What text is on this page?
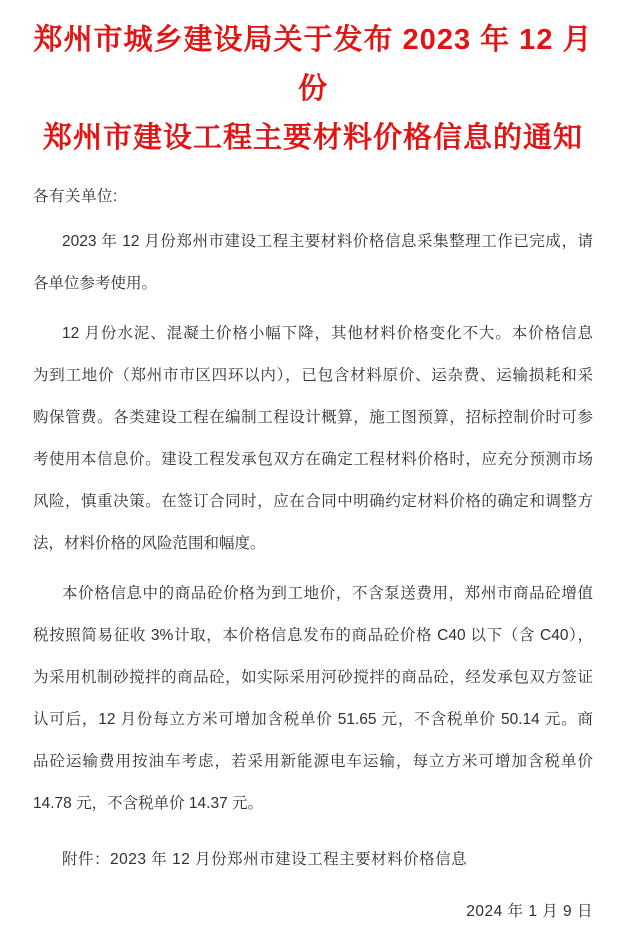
郑州市城乡建设局关于发布 2023 年 12 月份
郑州市建设工程主要材料价格信息的通知
各有关单位:
2023 年 12 月份郑州市建设工程主要材料价格信息采集整理工作已完成，请
各单位参考使用。
12 月份水泥、混凝土价格小幅下降，其他材料价格变化不大。本价格信息
为到工地价（郑州市市区四环以内），已包含材料原价、运杂费、运输损耗和采
购保管费。各类建设工程在编制工程设计概算，施工图预算，招标控制价时可参
考使用本信息价。建设工程发承包双方在确定工程材料价格时，应充分预测市场
风险，慎重决策。在签订合同时，应在合同中明确约定材料价格的确定和调整方
法，材料价格的风险范围和幅度。
本价格信息中的商品砼价格为到工地价，不含泵送费用，郑州市商品砼增值
税按照简易征收 3%计取，本价格信息发布的商品砼价格 C40 以下（含 C40），
为采用机制砂搅拌的商品砼，如实际采用河砂搅拌的商品砼，经发承包双方签证
认可后，12 月份每立方米可增加含税单价 51.65 元，不含税单价 50.14 元。商
品砼运输费用按油车考虑，若采用新能源电车运输，每立方米可增加含税单价
14.78 元，不含税单价 14.37 元。
附件：2023 年 12 月份郑州市建设工程主要材料价格信息
2024 年 1 月 9 日
